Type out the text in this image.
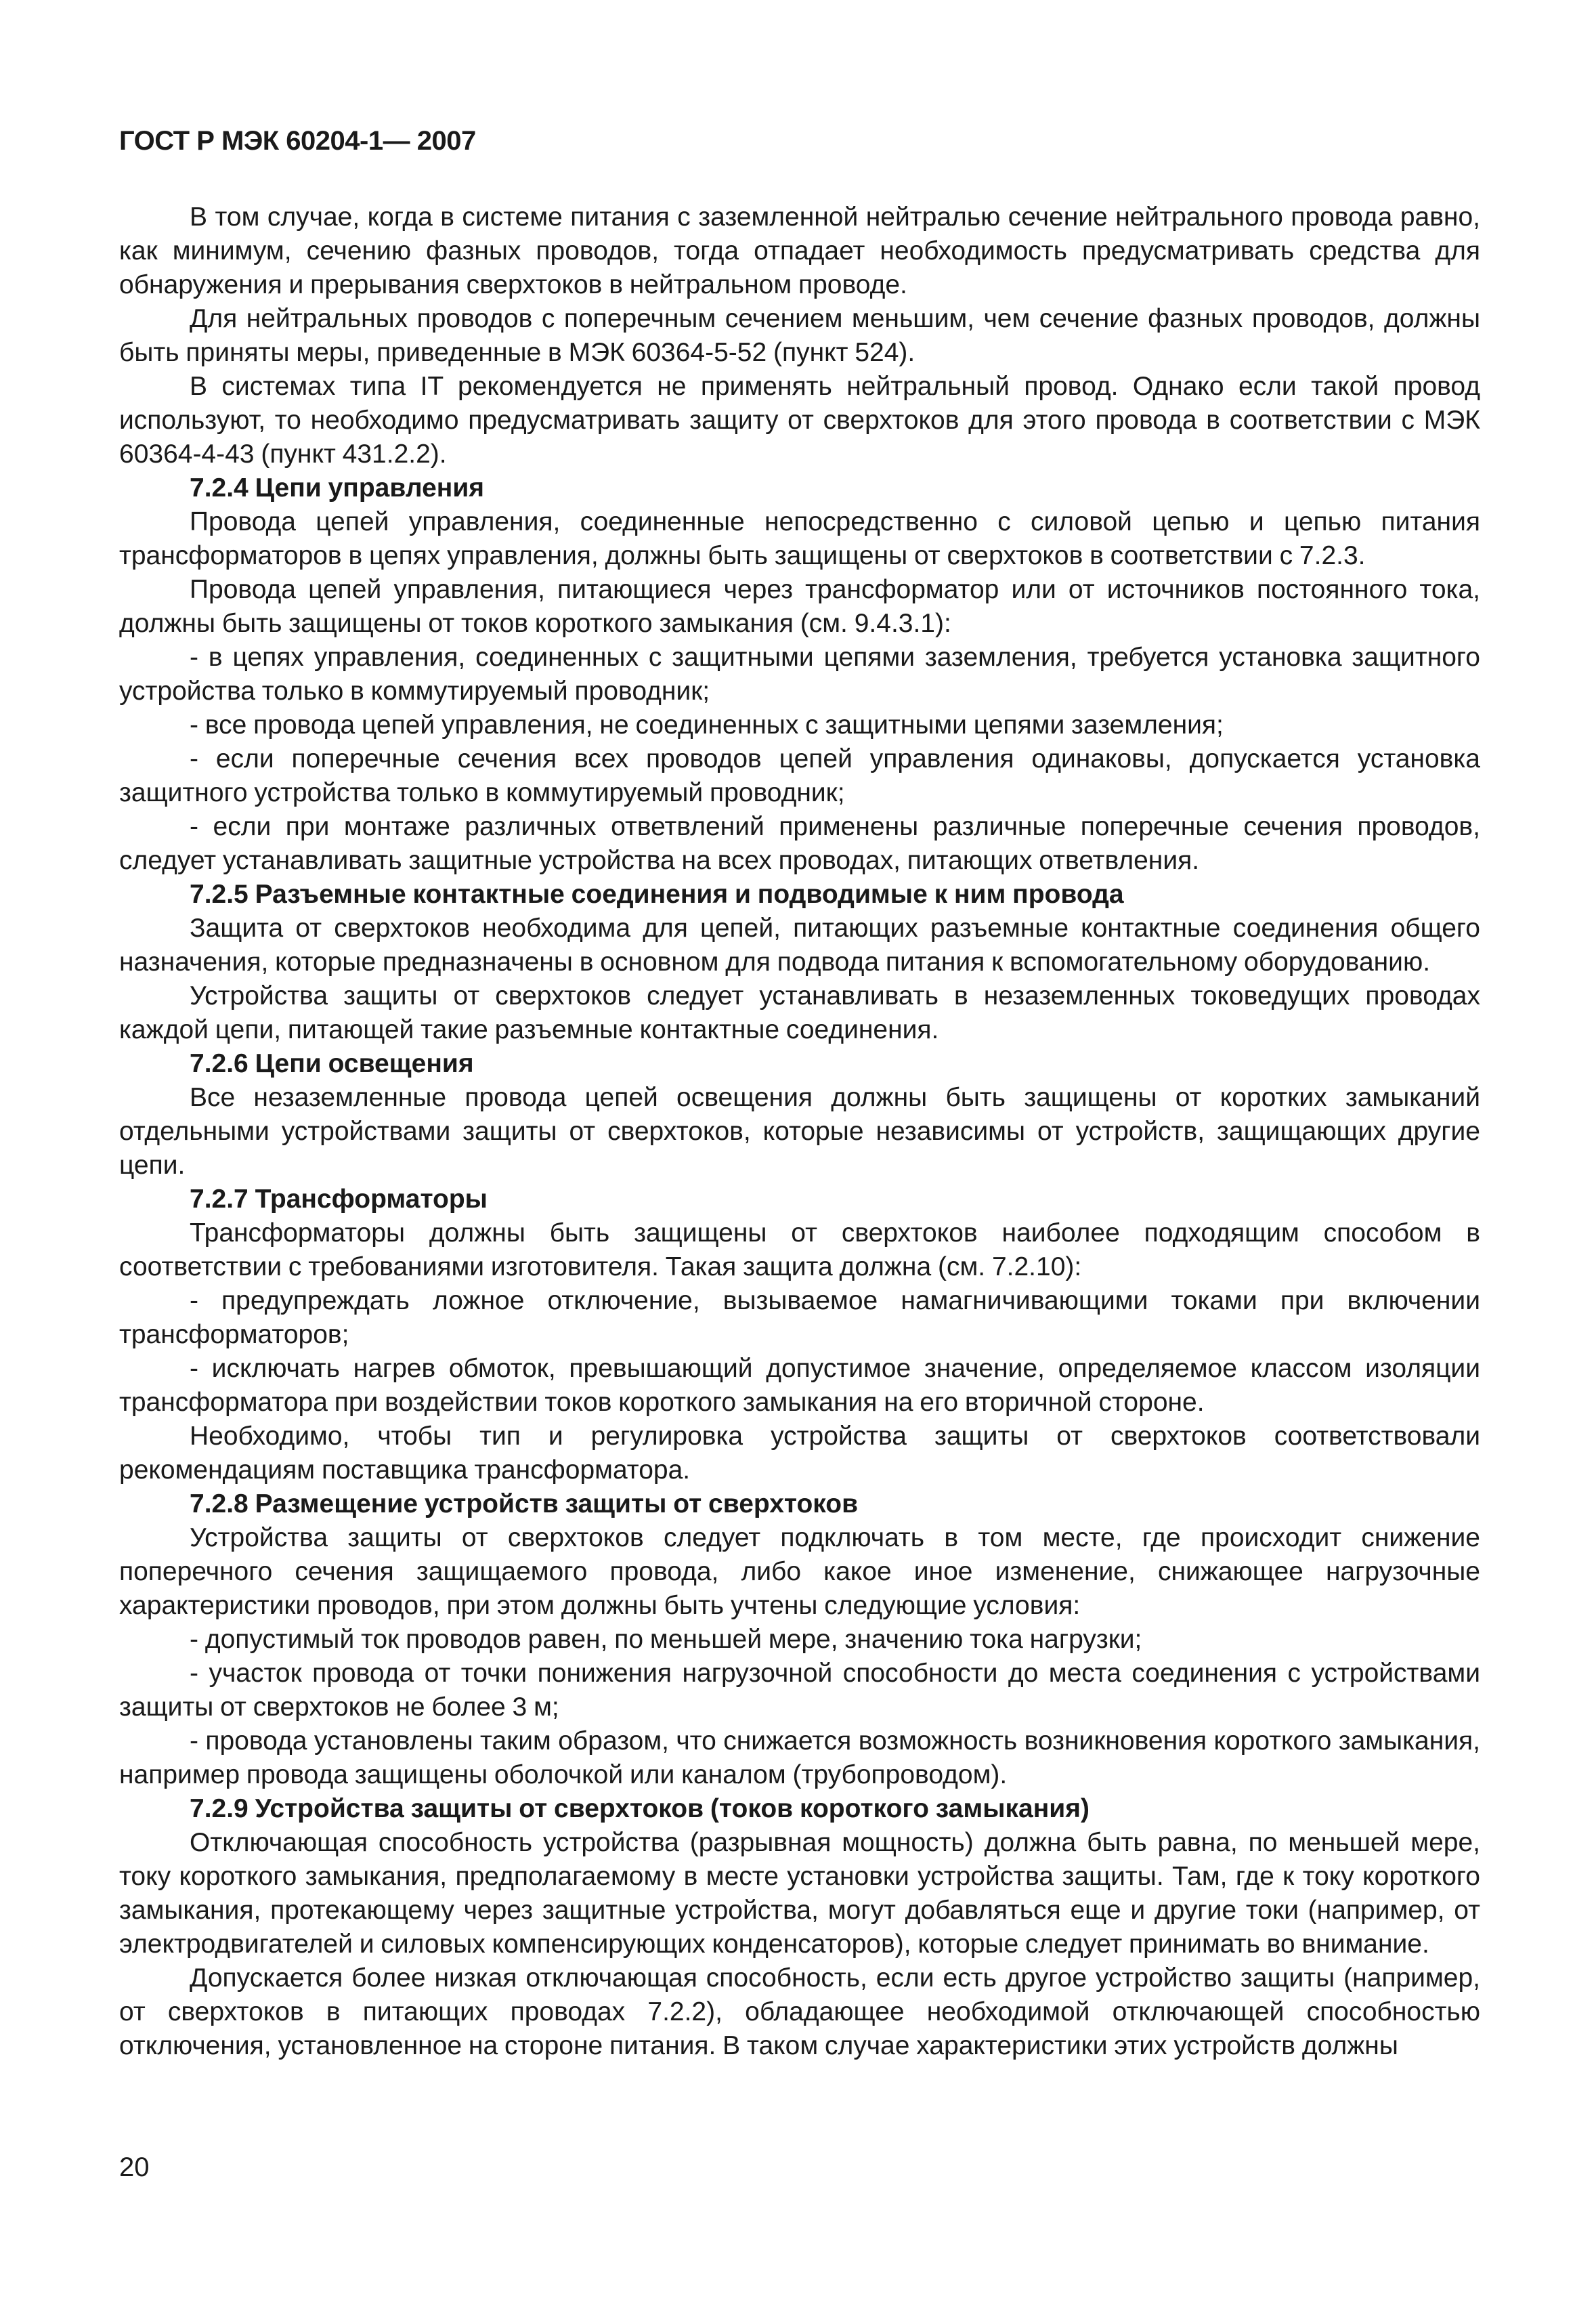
ГОСТ Р МЭК 60204-1— 2007

В том случае, когда в системе питания с заземленной нейтралью сечение нейтрального провода равно, как минимум, сечению фазных проводов, тогда отпадает необходимость предусматривать средства для обнаружения и прерывания сверхтоков в нейтральном проводе.

Для нейтральных проводов с поперечным сечением меньшим, чем сечение фазных проводов, должны быть приняты меры, приведенные в МЭК 60364-5-52 (пункт 524).

В системах типа IT рекомендуется не применять нейтральный провод. Однако если такой провод используют, то необходимо предусматривать защиту от сверхтоков для этого провода в соответствии с МЭК 60364-4-43 (пункт 431.2.2).

7.2.4 Цепи управления

Провода цепей управления, соединенные непосредственно с силовой цепью и цепью питания трансформаторов в цепях управления, должны быть защищены от сверхтоков в соответствии с 7.2.3.

Провода цепей управления, питающиеся через трансформатор или от источников постоянного тока, должны быть защищены от токов короткого замыкания (см. 9.4.3.1):

- в цепях управления, соединенных с защитными цепями заземления, требуется установка защитного устройства только в коммутируемый проводник;

- все провода цепей управления, не соединенных с защитными цепями заземления;

- если поперечные сечения всех проводов цепей управления одинаковы, допускается установка защитного устройства только в коммутируемый проводник;

- если при монтаже различных ответвлений применены различные поперечные сечения проводов, следует устанавливать защитные устройства на всех проводах, питающих ответвления.

7.2.5 Разъемные контактные соединения и подводимые к ним провода

Защита от сверхтоков необходима для цепей, питающих разъемные контактные соединения общего назначения, которые предназначены в основном для подвода питания к вспомогательному оборудованию.

Устройства защиты от сверхтоков следует устанавливать в незаземленных токоведущих проводах каждой цепи, питающей такие разъемные контактные соединения.

7.2.6 Цепи освещения

Все незаземленные провода цепей освещения должны быть защищены от коротких замыканий отдельными устройствами защиты от сверхтоков, которые независимы от устройств, защищающих другие цепи.

7.2.7 Трансформаторы

Трансформаторы должны быть защищены от сверхтоков наиболее подходящим способом в соответствии с требованиями изготовителя. Такая защита должна (см. 7.2.10):

- предупреждать ложное отключение, вызываемое намагничивающими токами при включении трансформаторов;

- исключать нагрев обмоток, превышающий допустимое значение, определяемое классом изоляции трансформатора при воздействии токов короткого замыкания на его вторичной стороне.

Необходимо, чтобы тип и регулировка устройства защиты от сверхтоков соответствовали рекомендациям поставщика трансформатора.

7.2.8 Размещение устройств защиты от сверхтоков

Устройства защиты от сверхтоков следует подключать в том месте, где происходит снижение поперечного сечения защищаемого провода, либо какое иное изменение, снижающее нагрузочные характеристики проводов, при этом должны быть учтены следующие условия:

- допустимый ток проводов равен, по меньшей мере, значению тока нагрузки;

- участок провода от точки понижения нагрузочной способности до места соединения с устройствами защиты от сверхтоков не более 3 м;

- провода установлены таким образом, что снижается возможность возникновения короткого замыкания, например провода защищены оболочкой или каналом (трубопроводом).

7.2.9 Устройства защиты от сверхтоков (токов короткого замыкания)

Отключающая способность устройства (разрывная мощность) должна быть равна, по меньшей мере, току короткого замыкания, предполагаемому в месте установки устройства защиты. Там, где к току короткого замыкания, протекающему через защитные устройства, могут добавляться еще и другие токи (например, от электродвигателей и силовых компенсирующих конденсаторов), которые следует принимать во внимание.

Допускается более низкая отключающая способность, если есть другое устройство защиты (например, от сверхтоков в питающих проводах 7.2.2), обладающее необходимой отключающей способностью отключения, установленное на стороне питания. В таком случае характеристики этих устройств должны

20
